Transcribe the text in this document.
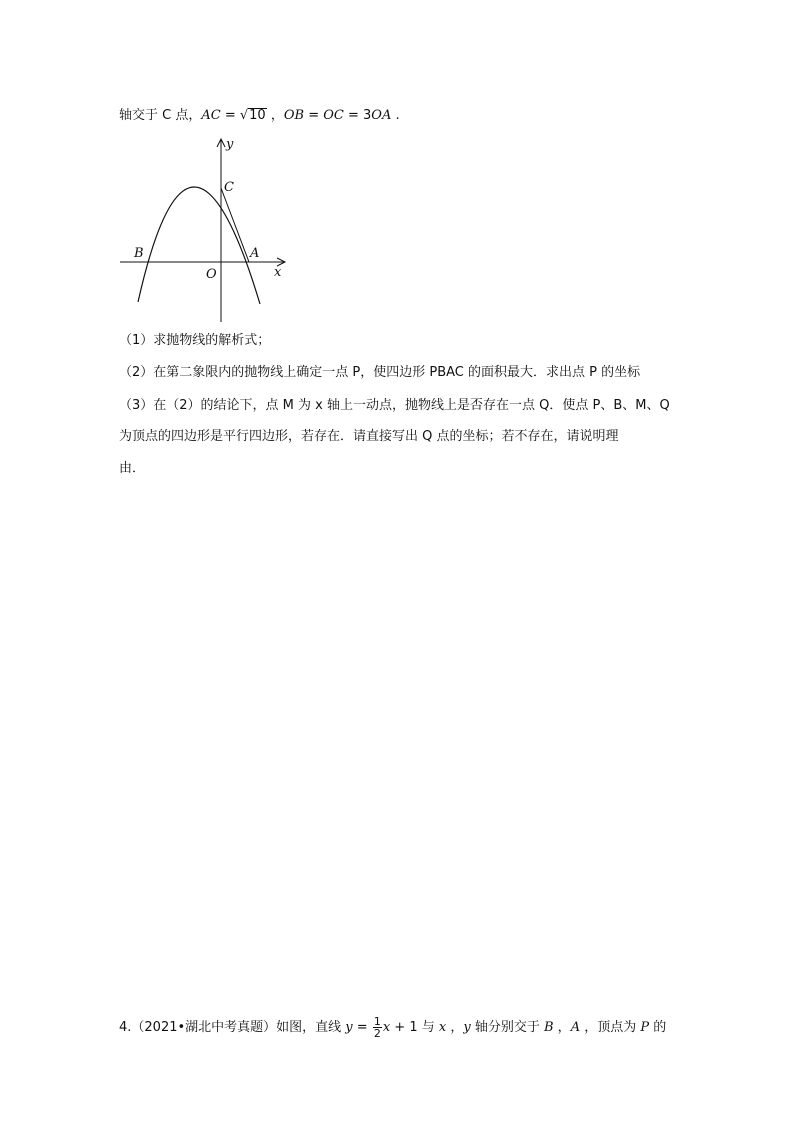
轴交于 C 点，AC = √10 ，OB = OC = 3OA .
y
C
B	A
O	x
（1）求抛物线的解析式；
（2）在第二象限内的抛物线上确定一点 P，使四边形 PBAC 的面积最大．求出点 P 的坐标
（3）在（2）的结论下，点 M 为 x 轴上一动点，抛物线上是否存在一点 Q．使点 P、B、M、Q
为顶点的四边形是平行四边形，若存在．请直接写出 Q 点的坐标；若不存在，请说明理
由．
4.（2021•湖北中考真题）如图，直线 $y = \frac{1}{2}$ x + 1 与 x ，y 轴分别交于 B ，A ，顶点为 P 的
